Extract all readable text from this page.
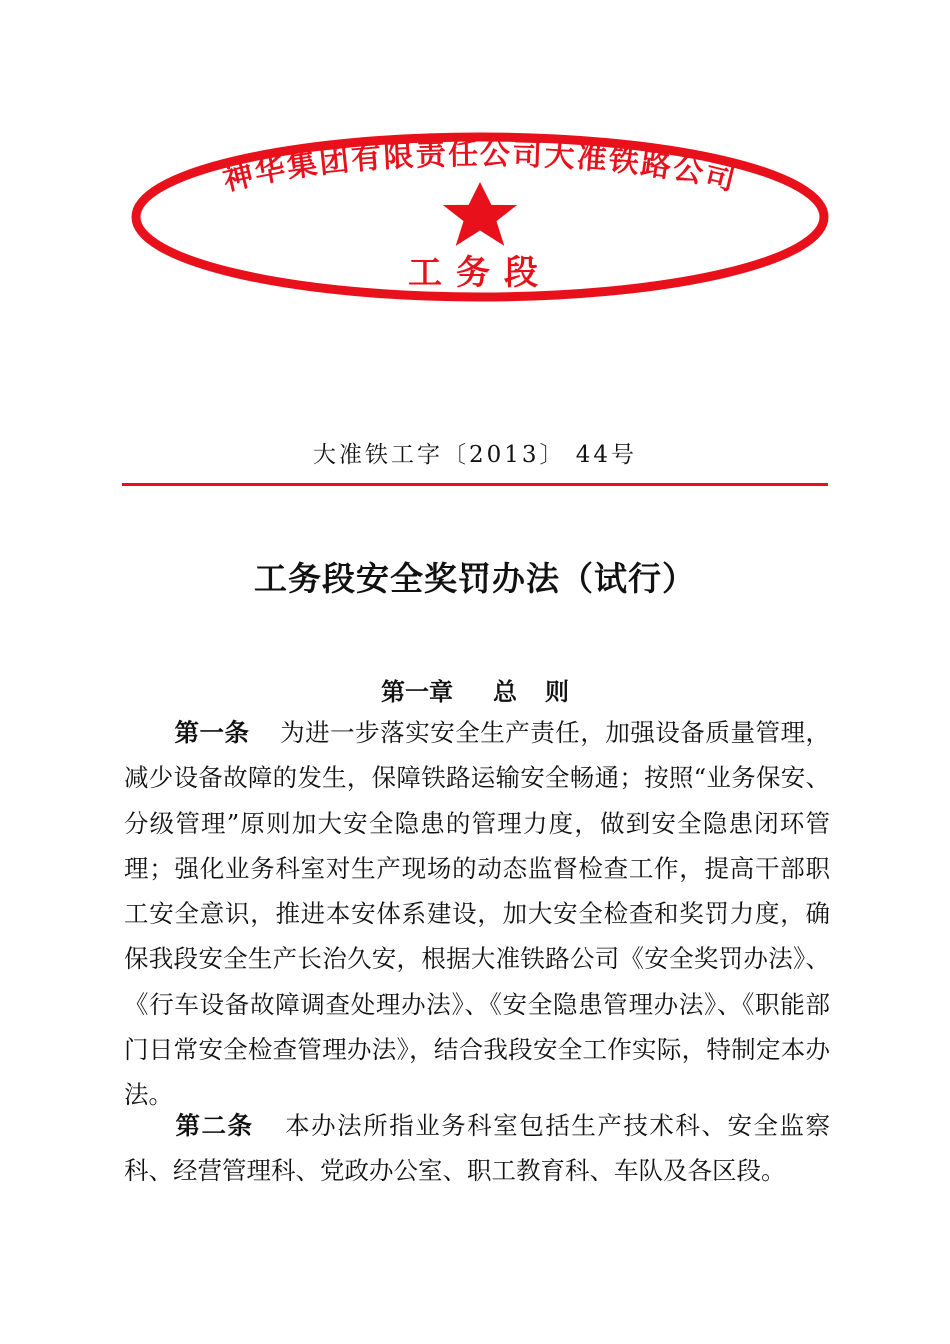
神华集团有限责任公司大准铁路公司
工务段
大准铁工字〔2013〕 44号
工务段安全奖罚办法（试行）
第一章 总 则
第一条 为进一步落实安全生产责任，加强设备质量管理，减少设备故障的发生，保障铁路运输安全畅通；按照“业务保安、分级管理”原则加大安全隐患的管理力度，做到安全隐患闭环管理；强化业务科室对生产现场的动态监督检查工作，提高干部职工安全意识，推进本安体系建设，加大安全检查和奖罚力度，确保我段安全生产长治久安，根据大准铁路公司《安全奖罚办法》、《行车设备故障调查处理办法》、《安全隐患管理办法》、《职能部门日常安全检查管理办法》，结合我段安全工作实际，特制定本办法。
第二条 本办法所指业务科室包括生产技术科、安全监察科、经营管理科、党政办公室、职工教育科、车队及各区段。
